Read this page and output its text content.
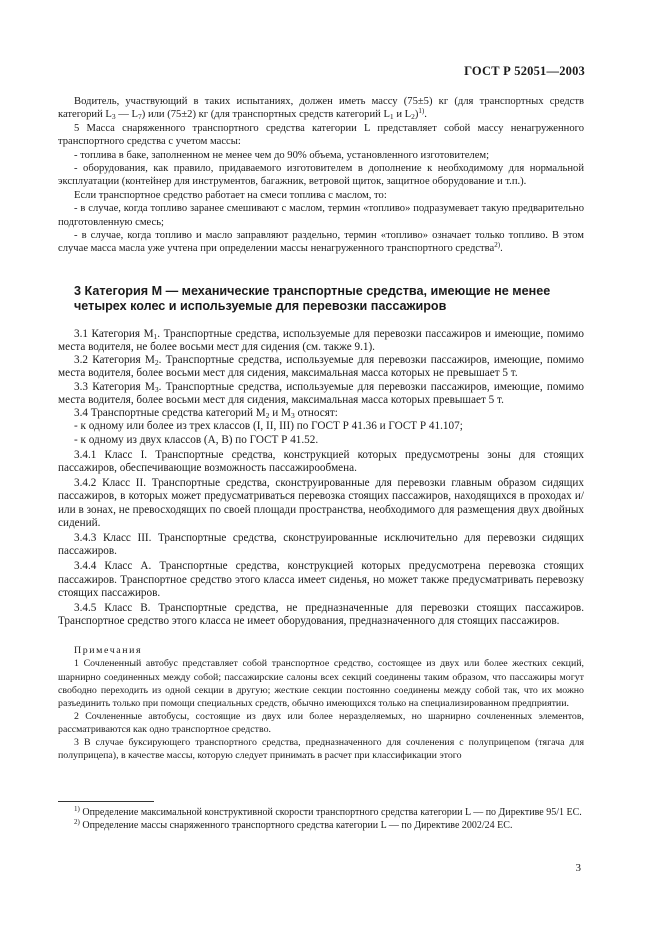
ГОСТ Р 52051—2003

Водитель, участвующий в таких испытаниях, должен иметь массу (75±5) кг (для транспортных средств категорий $L_3$ — $L_7$) или (75±2) кг (для транспортных средств категорий $L_1$ и $L_2)^{1)}$.

5 Масса снаряженного транспортного средства категории L представляет собой массу ненагруженного транспортного средства с учетом массы:

- топлива в баке, заполненном не менее чем до 90% объема, установленного изготовителем;

- оборудования, как правило, придаваемого изготовителем в дополнение к необходимому для нормальной эксплуатации (контейнер для инструментов, багажник, ветровой щиток, защитное оборудование и т.п.).

Если транспортное средство работает на смеси топлива с маслом, то:

- в случае, когда топливо заранее смешивают с маслом, термин «топливо» подразумевает такую предварительно подготовленную смесь;

- в случае, когда топливо и масло заправляют раздельно, термин «топливо» означает только топливо. В этом случае масса масла уже учтена при определении массы ненагруженного транспортного средства$^{2)}$.

3 Категория M — механические транспортные средства, имеющие не менее четырех колес и используемые для перевозки пассажиров

3.1 Категория $M_1$. Транспортные средства, используемые для перевозки пассажиров и имеющие, помимо места водителя, не более восьми мест для сидения (см. также 9.1).

3.2 Категория $M_2$. Транспортные средства, используемые для перевозки пассажиров, имеющие, помимо места водителя, более восьми мест для сидения, максимальная масса которых не превышает 5 т.

3.3 Категория $M_3$. Транспортные средства, используемые для перевозки пассажиров, имеющие, помимо места водителя, более восьми мест для сидения, максимальная масса которых превышает 5 т.

3.4 Транспортные средства категорий $M_2$ и $M_3$ относят:

- к одному или более из трех классов (I, II, III) по ГОСТ Р 41.36 и ГОСТ Р 41.107;

- к одному из двух классов (А, В) по ГОСТ Р 41.52.

3.4.1 Класс I. Транспортные средства, конструкцией которых предусмотрены зоны для стоящих пассажиров, обеспечивающие возможность пассажирообмена.

3.4.2 Класс II. Транспортные средства, сконструированные для перевозки главным образом сидящих пассажиров, в которых может предусматриваться перевозка стоящих пассажиров, находящихся в проходах и/или в зонах, не превосходящих по своей площади пространства, необходимого для размещения двух двойных сидений.

3.4.3 Класс III. Транспортные средства, сконструированные исключительно для перевозки сидящих пассажиров.

3.4.4 Класс А. Транспортные средства, конструкцией которых предусмотрена перевозка стоящих пассажиров. Транспортное средство этого класса имеет сиденья, но может также предусматривать перевозку стоящих пассажиров.

3.4.5 Класс В. Транспортные средства, не предназначенные для перевозки стоящих пассажиров. Транспортное средство этого класса не имеет оборудования, предназначенного для стоящих пассажиров.

Примечания

1 Сочлененный автобус представляет собой транспортное средство, состоящее из двух или более жестких секций, шарнирно соединенных между собой; пассажирские салоны всех секций соединены таким образом, что пассажиры могут свободно переходить из одной секции в другую; жесткие секции постоянно соединены между собой так, что их можно разъединить только при помощи специальных средств, обычно имеющихся только на специализированном предприятии.

2 Сочлененные автобусы, состоящие из двух или более неразделяемых, но шарнирно сочлененных элементов, рассматриваются как одно транспортное средство.

3 В случае буксирующего транспортного средства, предназначенного для сочленения с полуприцепом (тягача для полуприцепа), в качестве массы, которую следует принимать в расчет при классификации этого

$^{1)}$ Определение максимальной конструктивной скорости транспортного средства категории L — по Директиве 95/1 ЕС.

$^{2)}$ Определение массы снаряженного транспортного средства категории L — по Директиве 2002/24 ЕС.

3
